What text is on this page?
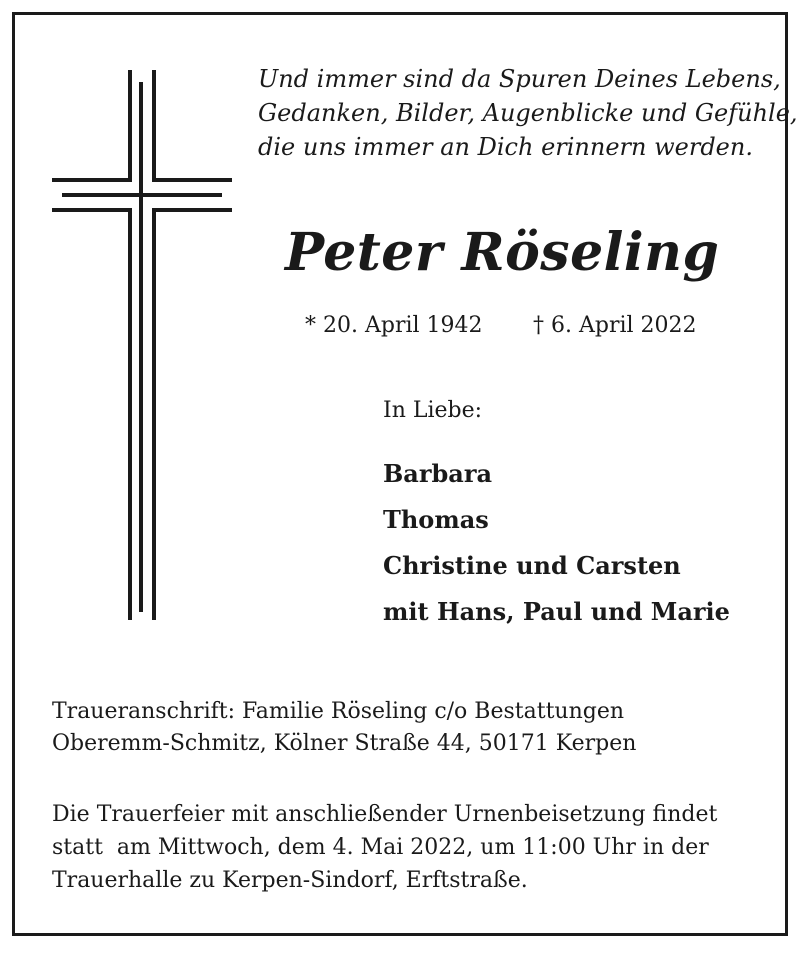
Und immer sind da Spuren Deines Lebens,
Gedanken, Bilder, Augenblicke und Gefühle,
die uns immer an Dich erinnern werden.
Peter Röseling
* 20. April 1942 † 6. April 2022
In Liebe:
Barbara
Thomas
Christine und Carsten
mit Hans, Paul und Marie
Traueranschrift: Familie Röseling c/o Bestattungen
Oberemm-Schmitz, Kölner Straße 44, 50171 Kerpen
Die Trauerfeier mit anschließender Urnenbeisetzung findet
statt  am Mittwoch, dem 4. Mai 2022, um 11:00 Uhr in der
Trauerhalle zu Kerpen-Sindorf, Erftstraße.
